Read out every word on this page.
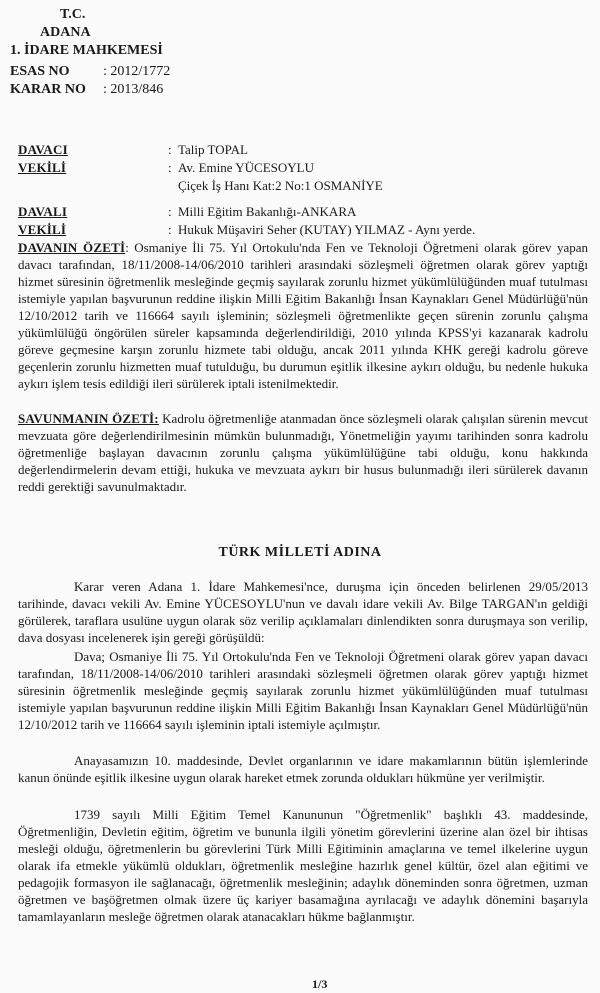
T.C.
ADANA
1. İDARE MAHKEMESİ
ESAS NO : 2012/1772
KARAR NO : 2013/846
DAVACI	: Talip TOPAL
VEKİLİ	: Av. Emine YÜCESOYLU
Çiçek İş Hanı Kat:2 No:1 OSMANİYE
DAVALI	: Milli Eğitim Bakanlığı-ANKARA
VEKİLİ	: Hukuk Müşaviri Seher (KUTAY) YILMAZ - Aynı yerde.
DAVANIN ÖZETİ: Osmaniye İli 75. Yıl Ortokulu'nda Fen ve Teknoloji Öğretmeni olarak görev yapan davacı tarafından, 18/11/2008-14/06/2010 tarihleri arasındaki sözleşmeli öğretmen olarak görev yaptığı hizmet süresinin öğretmenlik mesleğinde geçmiş sayılarak zorunlu hizmet yükümlülüğünden muaf tutulması istemiyle yapılan başvurunun reddine ilişkin Milli Eğitim Bakanlığı İnsan Kaynakları Genel Müdürlüğü'nün 12/10/2012 tarih ve 116664 sayılı işleminin; sözleşmeli öğretmenlikte geçen sürenin zorunlu çalışma yükümlülüğü öngörülen süreler kapsamında değerlendirildiği, 2010 yılında KPSS'yi kazanarak kadrolu göreve geçmesine karşın zorunlu hizmete tabi olduğu, ancak 2011 yılında KHK gereği kadrolu göreve geçenlerin zorunlu hizmetten muaf tutulduğu, bu durumun eşitlik ilkesine aykırı olduğu, bu nedenle hukuka aykırı işlem tesis edildiği ileri sürülerek iptali istenilmektedir.
SAVUNMANIN ÖZETİ: Kadrolu öğretmenliğe atanmadan önce sözleşmeli olarak çalışılan sürenin mevcut mevzuata göre değerlendirilmesinin mümkün bulunmadığı, Yönetmeliğin yayımı tarihinden sonra kadrolu öğretmenliğe başlayan davacının zorunlu çalışma yükümlülüğüne tabi olduğu, konu hakkında değerlendirmelerin devam ettiği, hukuka ve mevzuata aykırı bir husus bulunmadığı ileri sürülerek davanın reddi gerektiği savunulmaktadır.
TÜRK MİLLETİ ADINA
Karar veren Adana 1. İdare Mahkemesi'nce, duruşma için önceden belirlenen 29/05/2013 tarihinde, davacı vekili Av. Emine YÜCESOYLU'nun ve davalı idare vekili Av. Bilge TARGAN'ın geldiği görülerek, taraflara usulüne uygun olarak söz verilip açıklamaları dinlendikten sonra duruşmaya son verilip, dava dosyası incelenerek işin gereği görüşüldü:
Dava; Osmaniye İli 75. Yıl Ortokulu'nda Fen ve Teknoloji Öğretmeni olarak görev yapan davacı tarafından, 18/11/2008-14/06/2010 tarihleri arasındaki sözleşmeli öğretmen olarak görev yaptığı hizmet süresinin öğretmenlik mesleğinde geçmiş sayılarak zorunlu hizmet yükümlülüğünden muaf tutulması istemiyle yapılan başvurunun reddine ilişkin Milli Eğitim Bakanlığı İnsan Kaynakları Genel Müdürlüğü'nün 12/10/2012 tarih ve 116664 sayılı işleminin iptali istemiyle açılmıştır.
Anayasamızın 10. maddesinde, Devlet organlarının ve idare makamlarının bütün işlemlerinde kanun önünde eşitlik ilkesine uygun olarak hareket etmek zorunda oldukları hükmüne yer verilmiştir.
1739 sayılı Milli Eğitim Temel Kanununun "Öğretmenlik" başlıklı 43. maddesinde, Öğretmenliğin, Devletin eğitim, öğretim ve bununla ilgili yönetim görevlerini üzerine alan özel bir ihtisas mesleği olduğu, öğretmenlerin bu görevlerini Türk Milli Eğitiminin amaçlarına ve temel ilkelerine uygun olarak ifa etmekle yükümlü oldukları, öğretmenlik mesleğine hazırlık genel kültür, özel alan eğitimi ve pedagojik formasyon ile sağlanacağı, öğretmenlik mesleğinin; adaylık döneminden sonra öğretmen, uzman öğretmen ve başöğretmen olmak üzere üç kariyer basamağına ayrılacağı ve adaylık dönemini başarıyla tamamlayanların mesleğe öğretmen olarak atanacakları hükme bağlanmıştır.
1/3
